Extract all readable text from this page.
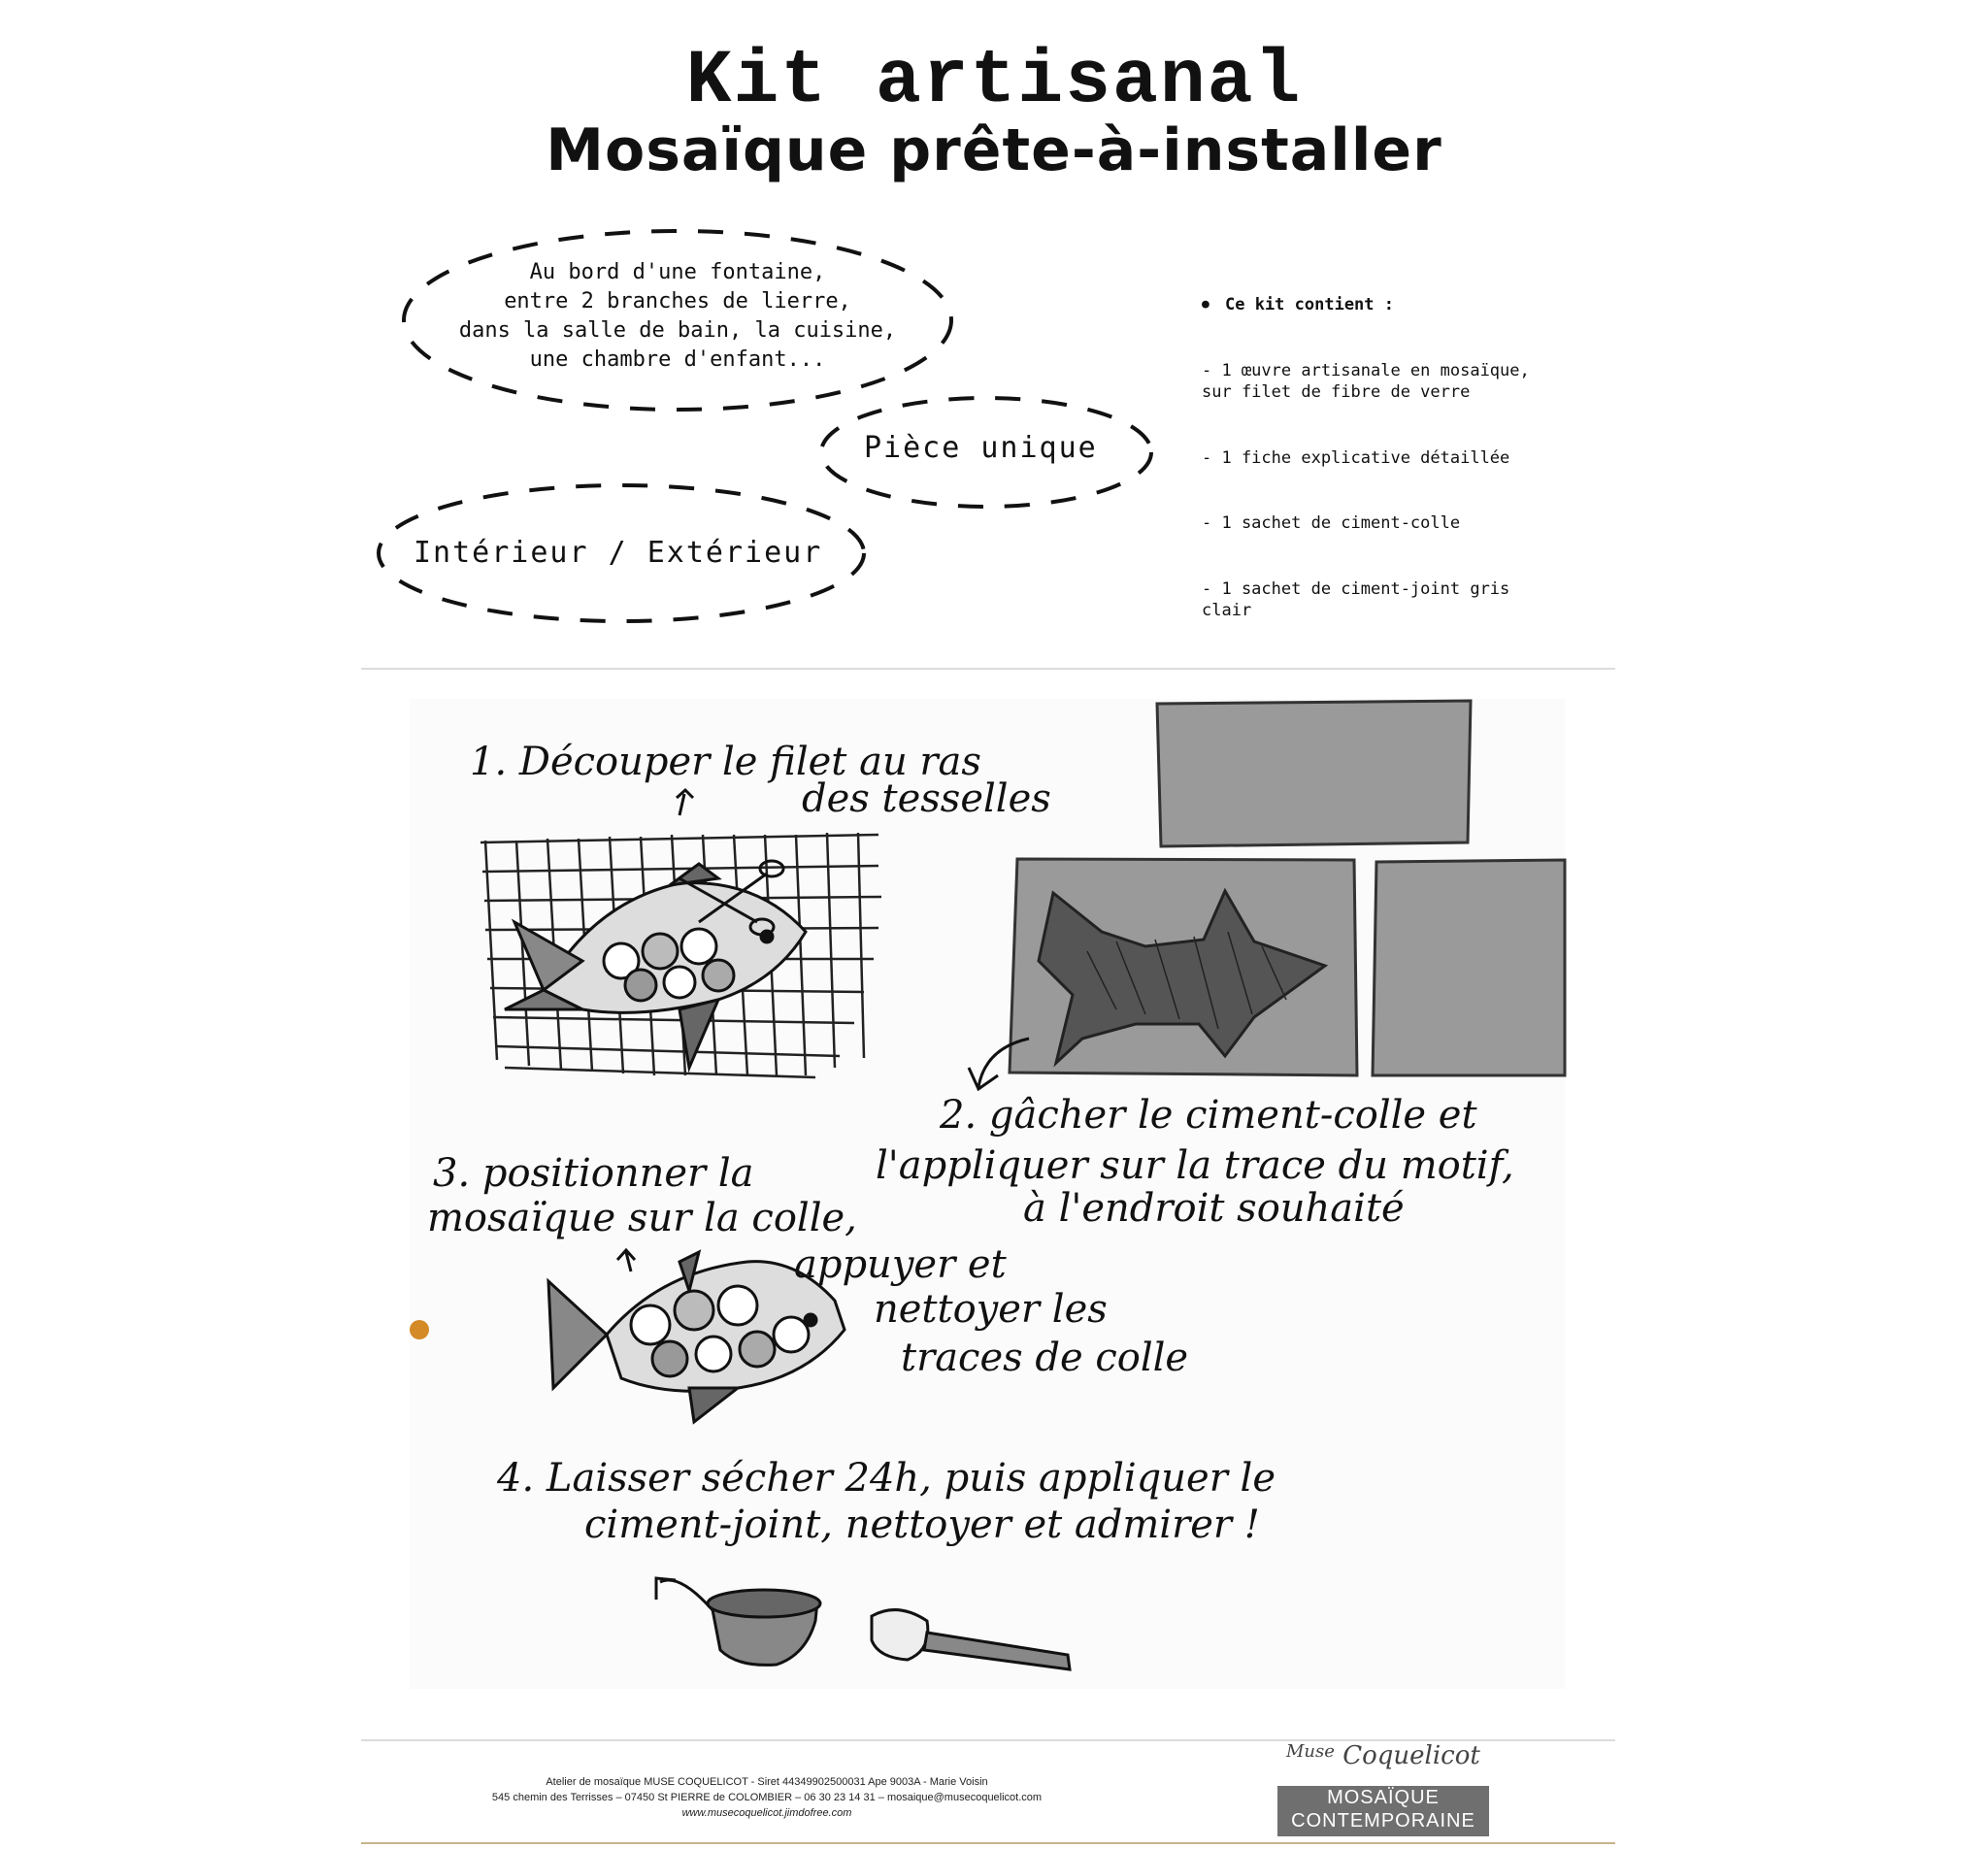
Kit artisanal
Mosaïque prête-à-installer
Au bord d'une fontaine,
entre 2 branches de lierre,
dans la salle de bain, la cuisine,
une chambre d'enfant...
Pièce unique
Intérieur / Extérieur

● Ce kit contient :

- 1 œuvre artisanale en mosaïque,
sur filet de fibre de verre

- 1 fiche explicative détaillée

- 1 sachet de ciment-colle

- 1 sachet de ciment-joint gris
clair

●

1. Découper le filet au ras
des tesselles
2. gâcher le ciment-colle et
l'appliquer sur la trace du motif,
à l'endroit souhaité
3. positionner la
mosaïque sur la colle,
appuyer et
nettoyer les
traces de colle
4. Laisser sécher 24h, puis appliquer le
ciment-joint, nettoyer et admirer !
Atelier de mosaïque MUSE COQUELICOT - Siret 44349902500031 Ape 9003A - Marie Voisin
545 chemin des Terrisses – 07450 St PIERRE de COLOMBIER – 06 30 23 14 31 – mosaique@musecoquelicot.com
www.musecoquelicot.jimdofree.com
$^{Muse}$ Coquelicot
MOSAÏQUE
CONTEMPORAINE
